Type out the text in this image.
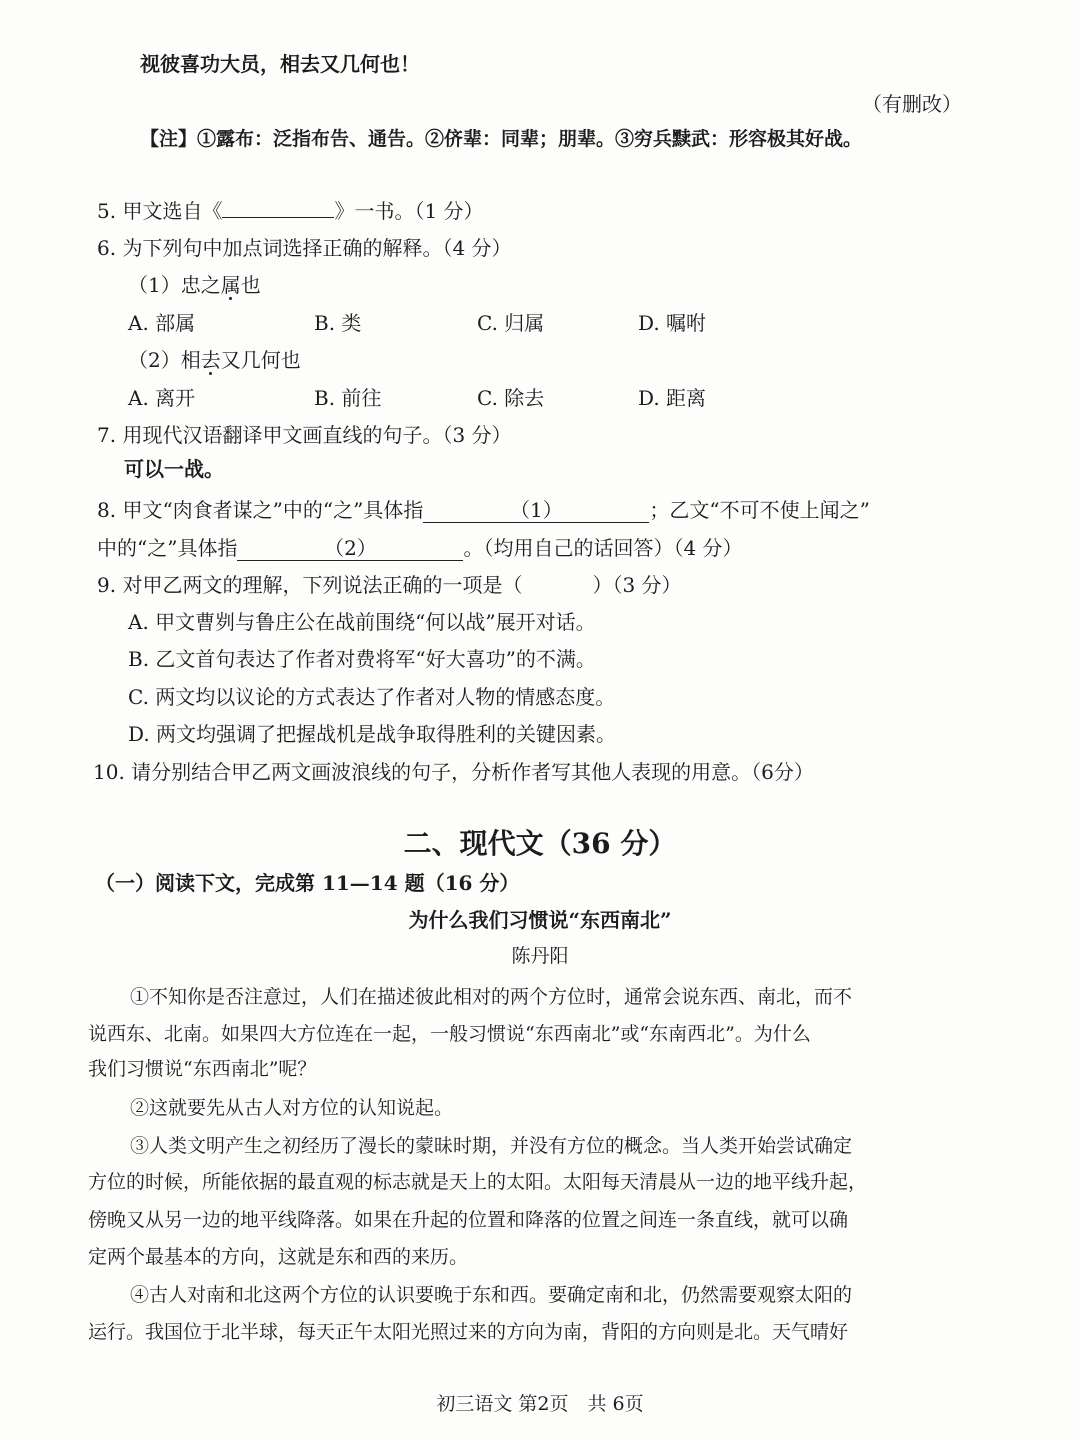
视彼喜功大员，相去又几何也！
（有删改）
【注】①露布：泛指布告、通告。②侪辈：同辈；朋辈。③穷兵黩武：形容极其好战。
5. 甲文选自《	》一书。（1 分）
6. 为下列句中加点词选择正确的解释。（4 分）
（1）忠之属也
A. 部属	B. 类	C. 归属	D. 嘱咐
（2）相去又几何也
A. 离开	B. 前往	C. 除去	D. 距离
7. 用现代汉语翻译甲文画直线的句子。（3 分）
可以一战。
8. 甲文“肉食者谋之”中的“之”具体指	（1）	；乙文“不可不使上闻之”
中的“之”具体指	（2）	。（均用自己的话回答）（4 分）
9. 对甲乙两文的理解，下列说法正确的一项是（	）（3 分）
A. 甲文曹刿与鲁庄公在战前围绕“何以战”展开对话。
B. 乙文首句表达了作者对费将军“好大喜功”的不满。
C. 两文均以议论的方式表达了作者对人物的情感态度。
D. 两文均强调了把握战机是战争取得胜利的关键因素。
10. 请分别结合甲乙两文画波浪线的句子，分析作者写其他人表现的用意。（6分）
二、现代文（36 分）
（一）阅读下文，完成第 11—14 题（16 分）
为什么我们习惯说“东西南北”
陈丹阳
①不知你是否注意过，人们在描述彼此相对的两个方位时，通常会说东西、南北，而不
说西东、北南。如果四大方位连在一起，一般习惯说“东西南北”或“东南西北”。为什么
我们习惯说“东西南北”呢？
②这就要先从古人对方位的认知说起。
③人类文明产生之初经历了漫长的蒙昧时期，并没有方位的概念。当人类开始尝试确定
方位的时候，所能依据的最直观的标志就是天上的太阳。太阳每天清晨从一边的地平线升起，
傍晚又从另一边的地平线降落。如果在升起的位置和降落的位置之间连一条直线，就可以确
定两个最基本的方向，这就是东和西的来历。
④古人对南和北这两个方位的认识要晚于东和西。要确定南和北，仍然需要观察太阳的
运行。我国位于北半球，每天正午太阳光照过来的方向为南，背阳的方向则是北。天气晴好
初三语文 第2页　共 6页
